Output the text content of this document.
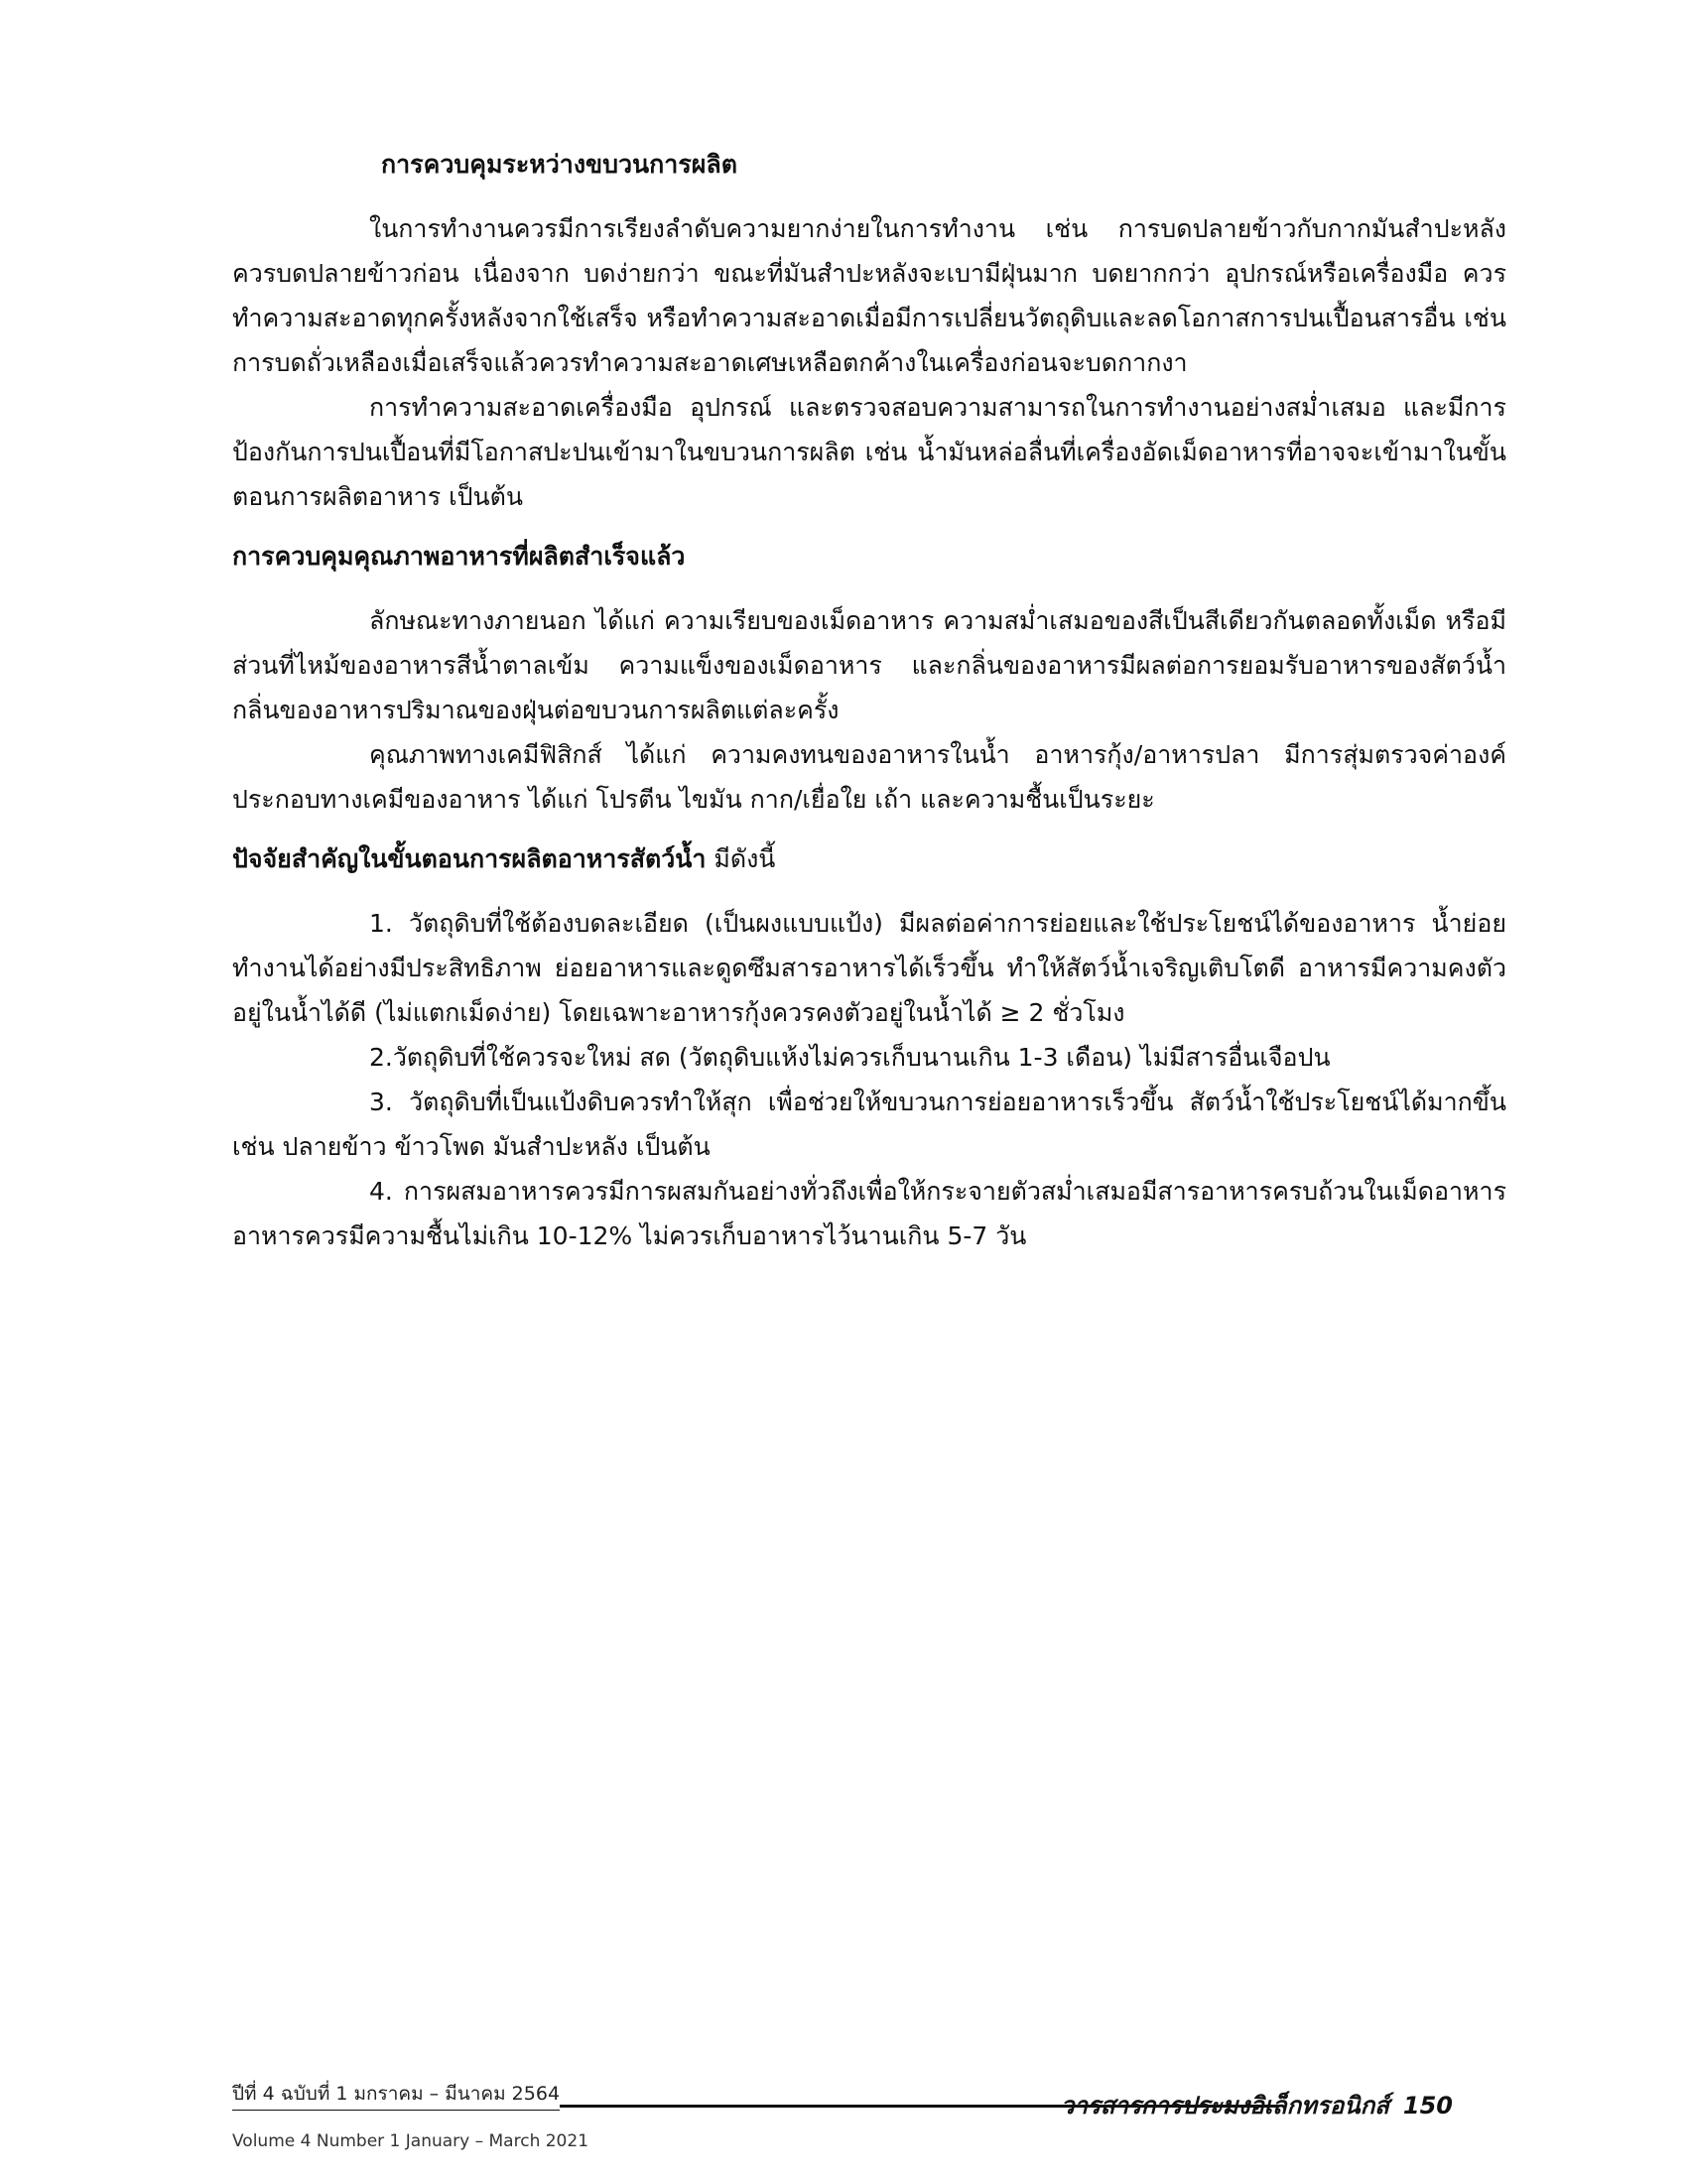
การควบคุมระหว่างขบวนการผลิต

ในการทำงานควรมีการเรียงลำดับความยากง่ายในการทำงาน เช่น การบดปลายข้าวกับกากมันสำปะหลัง ควรบดปลายข้าวก่อน เนื่องจาก บดง่ายกว่า ขณะที่มันสำปะหลังจะเบามีฝุ่นมาก บดยากกว่า อุปกรณ์หรือเครื่องมือ ควรทำความสะอาดทุกครั้งหลังจากใช้เสร็จ หรือทำความสะอาดเมื่อมีการเปลี่ยนวัตถุดิบและลดโอกาสการปนเปื้อนสารอื่น เช่น การบดถั่วเหลืองเมื่อเสร็จแล้วควรทำความสะอาดเศษเหลือตกค้างในเครื่องก่อนจะบดกากงา

การทำความสะอาดเครื่องมือ อุปกรณ์ และตรวจสอบความสามารถในการทำงานอย่างสม่ำเสมอ และมีการป้องกันการปนเปื้อนที่มีโอกาสปะปนเข้ามาในขบวนการผลิต เช่น น้ำมันหล่อลื่นที่เครื่องอัดเม็ดอาหารที่อาจจะเข้ามาในขั้นตอนการผลิตอาหาร เป็นต้น

การควบคุมคุณภาพอาหารที่ผลิตสำเร็จแล้ว

ลักษณะทางภายนอก ได้แก่ ความเรียบของเม็ดอาหาร ความสม่ำเสมอของสีเป็นสีเดียวกันตลอดทั้งเม็ด หรือมีส่วนที่ไหม้ของอาหารสีน้ำตาลเข้ม ความแข็งของเม็ดอาหาร และกลิ่นของอาหารมีผลต่อการยอมรับอาหารของสัตว์น้ำ กลิ่นของอาหารปริมาณของฝุ่นต่อขบวนการผลิตแต่ละครั้ง

คุณภาพทางเคมีฟิสิกส์ ได้แก่ ความคงทนของอาหารในน้ำ อาหารกุ้ง/อาหารปลา มีการสุ่มตรวจค่าองค์ประกอบทางเคมีของอาหาร ได้แก่ โปรตีน ไขมัน กาก/เยื่อใย เถ้า และความชื้นเป็นระยะ

ปัจจัยสำคัญในขั้นตอนการผลิตอาหารสัตว์น้ำ มีดังนี้

1. วัตถุดิบที่ใช้ต้องบดละเอียด (เป็นผงแบบแป้ง) มีผลต่อค่าการย่อยและใช้ประโยชน์ได้ของอาหาร น้ำย่อยทำงานได้อย่างมีประสิทธิภาพ ย่อยอาหารและดูดซึมสารอาหารได้เร็วขึ้น ทำให้สัตว์น้ำเจริญเติบโตดี อาหารมีความคงตัวอยู่ในน้ำได้ดี (ไม่แตกเม็ดง่าย) โดยเฉพาะอาหารกุ้งควรคงตัวอยู่ในน้ำได้ ≥ 2 ชั่วโมง

2.วัตถุดิบที่ใช้ควรจะใหม่ สด (วัตถุดิบแห้งไม่ควรเก็บนานเกิน 1-3 เดือน) ไม่มีสารอื่นเจือปน

3. วัตถุดิบที่เป็นแป้งดิบควรทำให้สุก เพื่อช่วยให้ขบวนการย่อยอาหารเร็วขึ้น สัตว์น้ำใช้ประโยชน์ได้มากขึ้น เช่น ปลายข้าว ข้าวโพด มันสำปะหลัง เป็นต้น

4. การผสมอาหารควรมีการผสมกันอย่างทั่วถึงเพื่อให้กระจายตัวสม่ำเสมอมีสารอาหารครบถ้วนในเม็ดอาหาร อาหารควรมีความชื้นไม่เกิน 10-12% ไม่ควรเก็บอาหารไว้นานเกิน 5-7 วัน

ปีที่ 4 ฉบับที่ 1 มกราคม – มีนาคม 2564
Volume 4 Number 1 January – March 2021
วารสารการประมงอิเล็กทรอนิกส์ 150
